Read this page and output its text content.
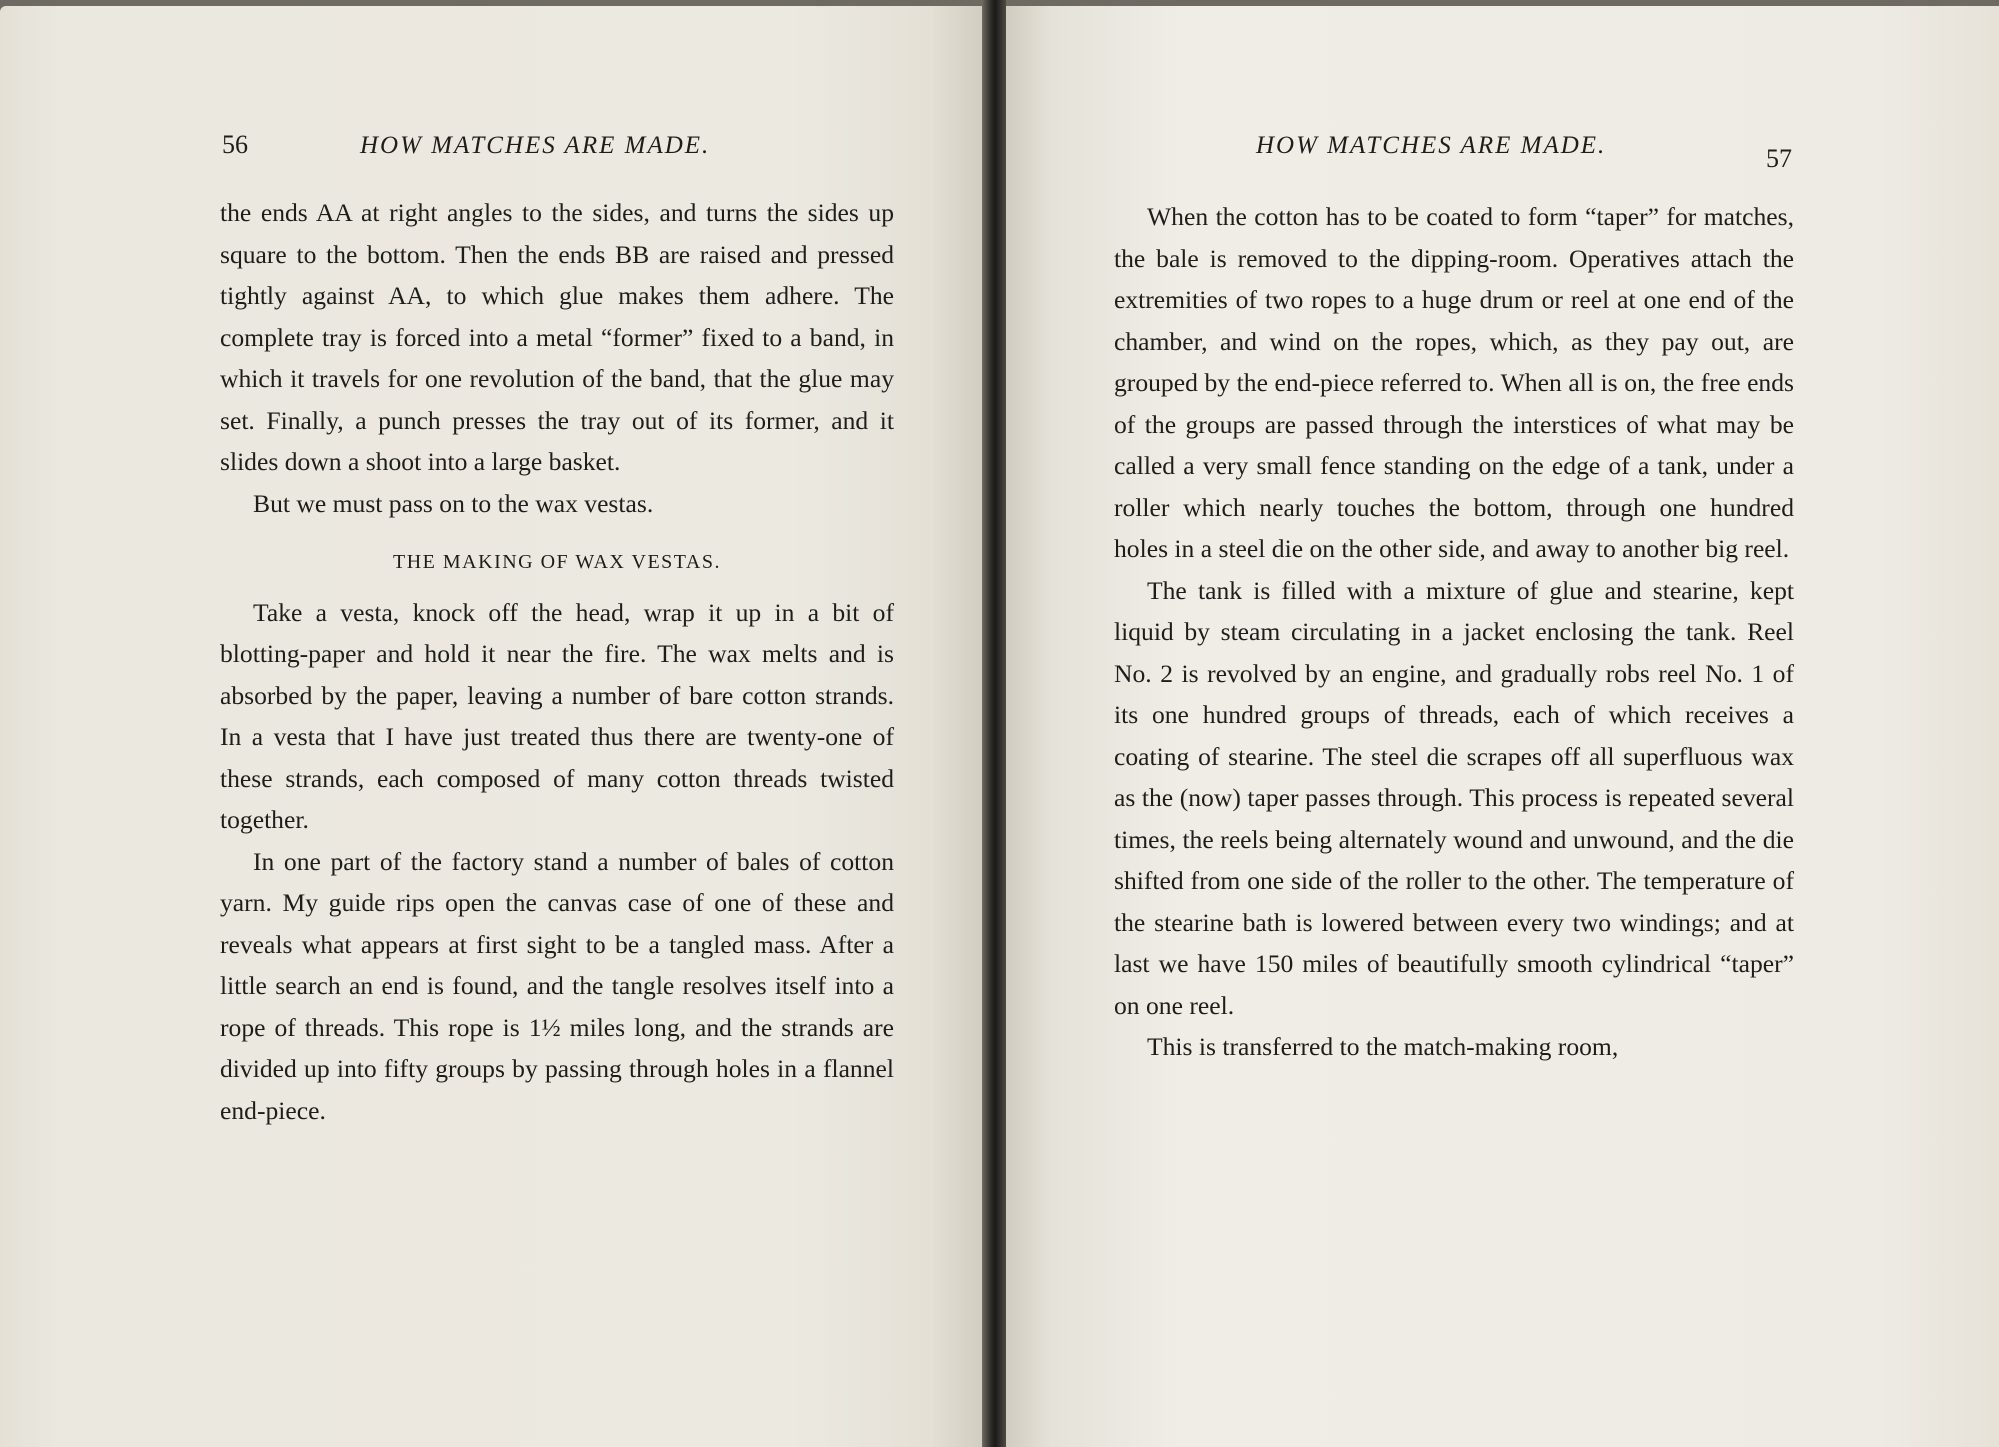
56	HOW MATCHES ARE MADE.

the ends AA at right angles to the sides, and turns the sides up square to the bottom. Then the ends BB are raised and pressed tightly against AA, to which glue makes them adhere. The complete tray is forced into a metal “former” fixed to a band, in which it travels for one revolution of the band, that the glue may set. Finally, a punch presses the tray out of its former, and it slides down a shoot into a large basket.

But we must pass on to the wax vestas.

THE MAKING OF WAX VESTAS.

Take a vesta, knock off the head, wrap it up in a bit of blotting-paper and hold it near the fire. The wax melts and is absorbed by the paper, leaving a number of bare cotton strands. In a vesta that I have just treated thus there are twenty-one of these strands, each composed of many cotton threads twisted together.

In one part of the factory stand a number of bales of cotton yarn. My guide rips open the canvas case of one of these and reveals what appears at first sight to be a tangled mass. After a little search an end is found, and the tangle resolves itself into a rope of threads. This rope is 1½ miles long, and the strands are divided up into fifty groups by passing through holes in a flannel end-piece.

HOW MATCHES ARE MADE.	57

When the cotton has to be coated to form “taper” for matches, the bale is removed to the dipping-room. Operatives attach the extremities of two ropes to a huge drum or reel at one end of the chamber, and wind on the ropes, which, as they pay out, are grouped by the end-piece referred to. When all is on, the free ends of the groups are passed through the interstices of what may be called a very small fence standing on the edge of a tank, under a roller which nearly touches the bottom, through one hundred holes in a steel die on the other side, and away to another big reel.

The tank is filled with a mixture of glue and stearine, kept liquid by steam circulating in a jacket enclosing the tank. Reel No. 2 is revolved by an engine, and gradually robs reel No. 1 of its one hundred groups of threads, each of which receives a coating of stearine. The steel die scrapes off all superfluous wax as the (now) taper passes through. This process is repeated several times, the reels being alternately wound and unwound, and the die shifted from one side of the roller to the other. The temperature of the stearine bath is lowered between every two windings; and at last we have 150 miles of beautifully smooth cylindrical “taper” on one reel.

This is transferred to the match-making room,
